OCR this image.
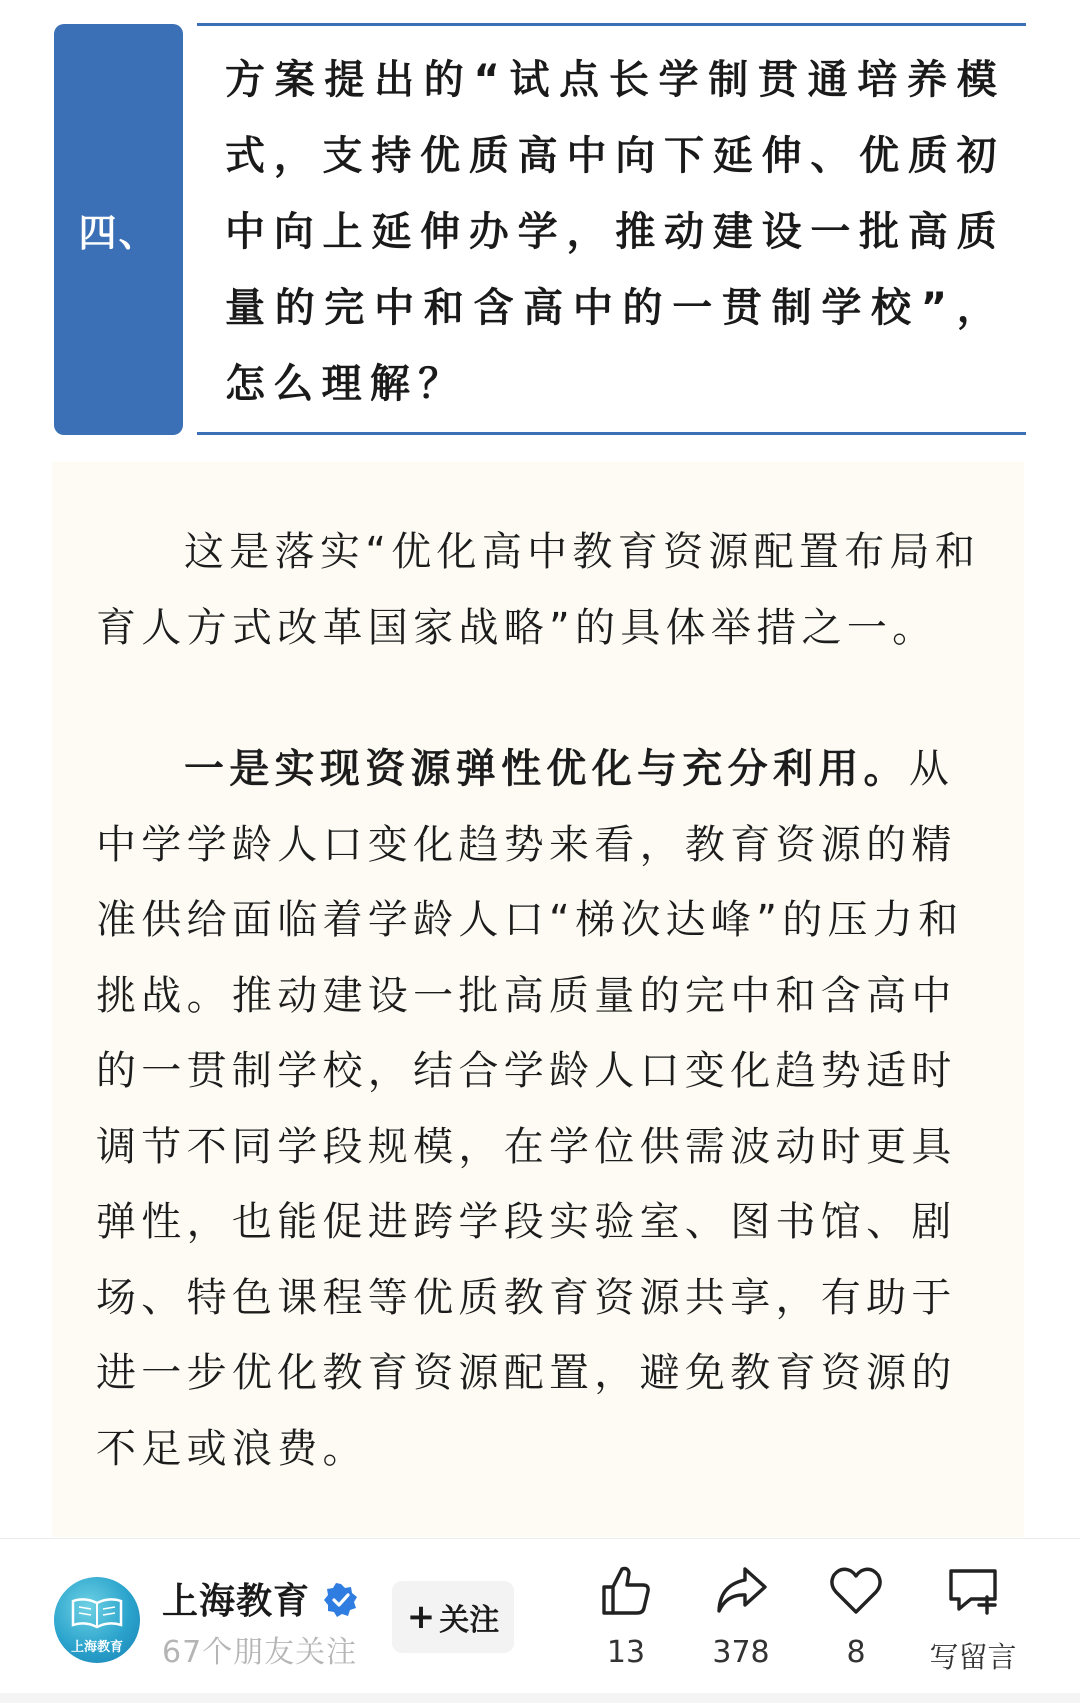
四、
方案提出的“试点长学制贯通培养模式，支持优质高中向下延伸、优质初中向上延伸办学，推动建设一批高质量的完中和含高中的一贯制学校”，怎么理解？

这是落实“优化高中教育资源配置布局和育人方式改革国家战略”的具体举措之一。

一是实现资源弹性优化与充分利用。从中学学龄人口变化趋势来看，教育资源的精准供给面临着学龄人口“梯次达峰”的压力和挑战。推动建设一批高质量的完中和含高中的一贯制学校，结合学龄人口变化趋势适时调节不同学段规模，在学位供需波动时更具弹性，也能促进跨学段实验室、图书馆、剧场、特色课程等优质教育资源共享，有助于进一步优化教育资源配置，避免教育资源的不足或浪费。

上海教育
上海教育
67个朋友关注
+ 关注
13	378	8	写留言
